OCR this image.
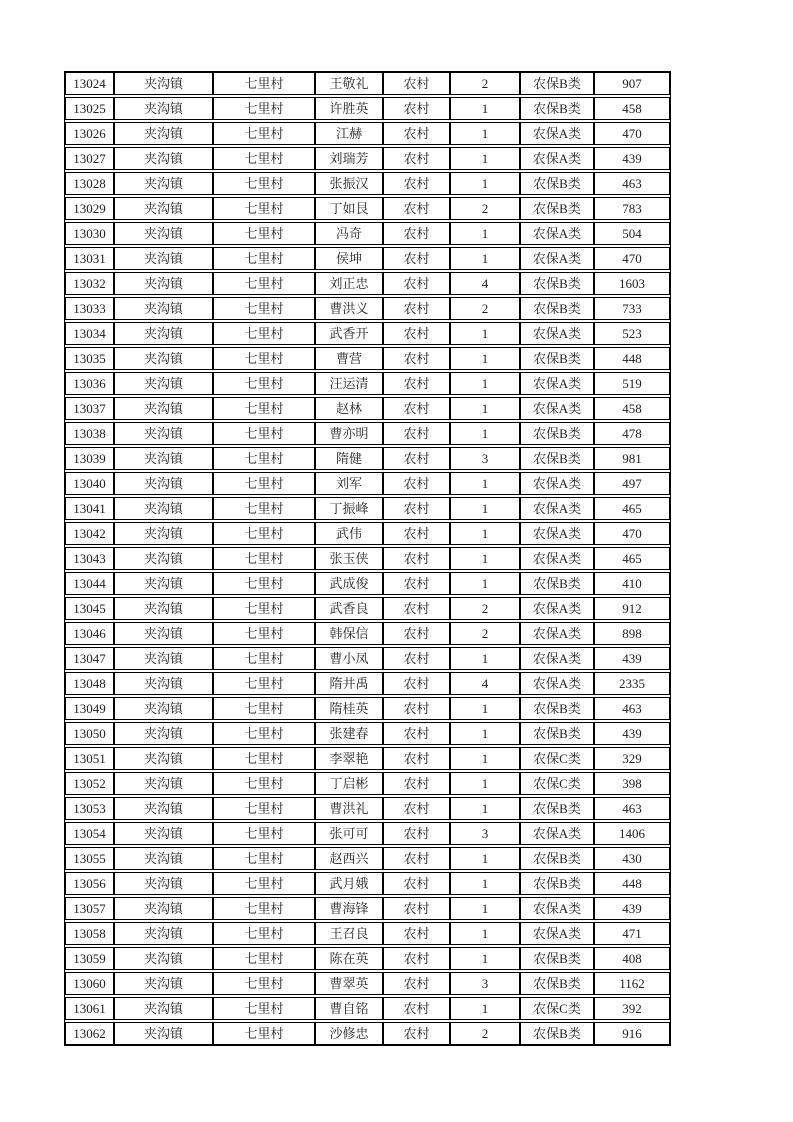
13024	夹沟镇	七里村	王敬礼	农村	2	农保B类	907
13025	夹沟镇	七里村	许胜英	农村	1	农保B类	458
13026	夹沟镇	七里村	江赫	农村	1	农保A类	470
13027	夹沟镇	七里村	刘瑞芳	农村	1	农保A类	439
13028	夹沟镇	七里村	张振汉	农村	1	农保B类	463
13029	夹沟镇	七里村	丁如艮	农村	2	农保B类	783
13030	夹沟镇	七里村	冯奇	农村	1	农保A类	504
13031	夹沟镇	七里村	侯坤	农村	1	农保A类	470
13032	夹沟镇	七里村	刘正忠	农村	4	农保B类	1603
13033	夹沟镇	七里村	曹洪义	农村	2	农保B类	733
13034	夹沟镇	七里村	武香开	农村	1	农保A类	523
13035	夹沟镇	七里村	曹营	农村	1	农保B类	448
13036	夹沟镇	七里村	汪运清	农村	1	农保A类	519
13037	夹沟镇	七里村	赵林	农村	1	农保A类	458
13038	夹沟镇	七里村	曹亦明	农村	1	农保B类	478
13039	夹沟镇	七里村	隋健	农村	3	农保B类	981
13040	夹沟镇	七里村	刘军	农村	1	农保A类	497
13041	夹沟镇	七里村	丁振峰	农村	1	农保A类	465
13042	夹沟镇	七里村	武伟	农村	1	农保A类	470
13043	夹沟镇	七里村	张玉侠	农村	1	农保A类	465
13044	夹沟镇	七里村	武成俊	农村	1	农保B类	410
13045	夹沟镇	七里村	武香良	农村	2	农保A类	912
13046	夹沟镇	七里村	韩保信	农村	2	农保A类	898
13047	夹沟镇	七里村	曹小凤	农村	1	农保A类	439
13048	夹沟镇	七里村	隋井禹	农村	4	农保A类	2335
13049	夹沟镇	七里村	隋桂英	农村	1	农保B类	463
13050	夹沟镇	七里村	张建春	农村	1	农保B类	439
13051	夹沟镇	七里村	李翠艳	农村	1	农保C类	329
13052	夹沟镇	七里村	丁启彬	农村	1	农保C类	398
13053	夹沟镇	七里村	曹洪礼	农村	1	农保B类	463
13054	夹沟镇	七里村	张可可	农村	3	农保A类	1406
13055	夹沟镇	七里村	赵西兴	农村	1	农保B类	430
13056	夹沟镇	七里村	武月娥	农村	1	农保B类	448
13057	夹沟镇	七里村	曹海锋	农村	1	农保A类	439
13058	夹沟镇	七里村	王召良	农村	1	农保A类	471
13059	夹沟镇	七里村	陈在英	农村	1	农保B类	408
13060	夹沟镇	七里村	曹翠英	农村	3	农保B类	1162
13061	夹沟镇	七里村	曹自铭	农村	1	农保C类	392
13062	夹沟镇	七里村	沙修忠	农村	2	农保B类	916
